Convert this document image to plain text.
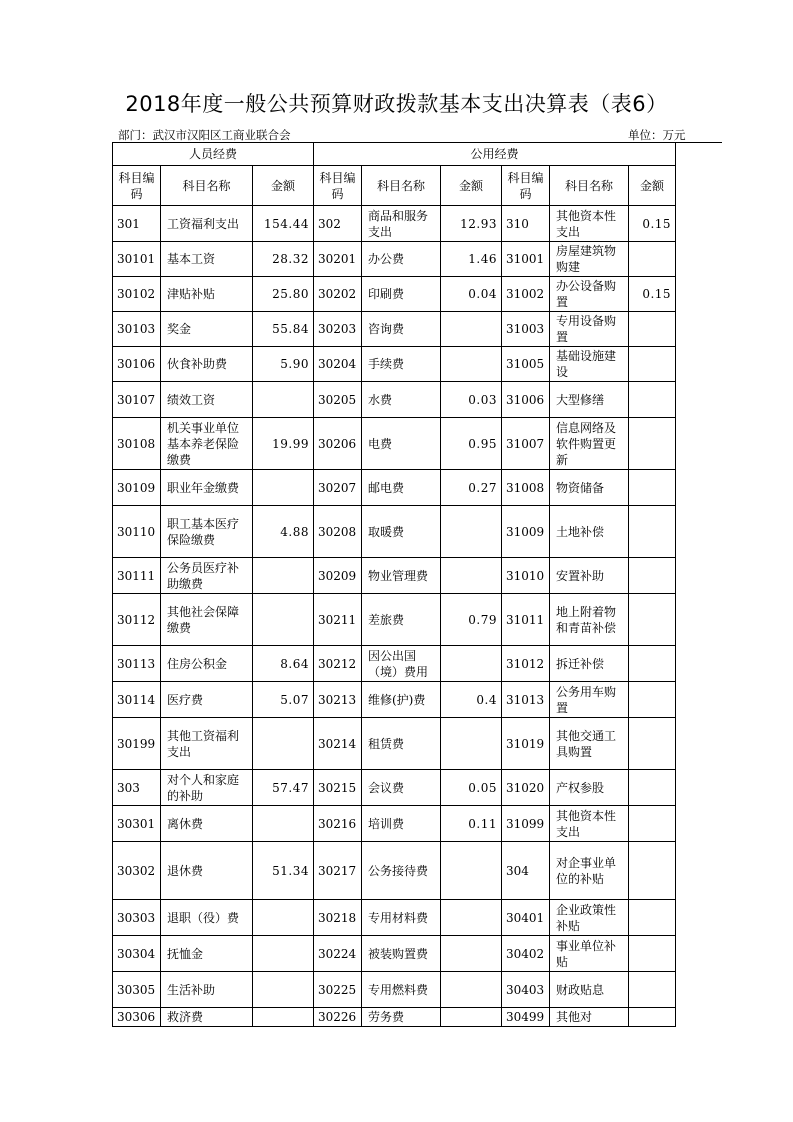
2018年度一般公共预算财政拨款基本支出决算表（表6）
部门：武汉市汉阳区工商业联合会	单位：万元
人员经费			公用经费					
科目编码	科目名称	金额	科目编码	科目名称	金额	科目编码	科目名称	金额
301	工资福利支出	154.44	302	商品和服务支出	12.93	310	其他资本性支出	0.15
30101	基本工资	28.32	30201	办公费	1.46	31001	房屋建筑物购建	
30102	津贴补贴	25.80	30202	印刷费	0.04	31002	办公设备购置	0.15
30103	奖金	55.84	30203	咨询费		31003	专用设备购置	
30106	伙食补助费	5.90	30204	手续费		31005	基础设施建设	
30107	绩效工资		30205	水费	0.03	31006	大型修缮	
30108	机关事业单位基本养老保险缴费	19.99	30206	电费	0.95	31007	信息网络及软件购置更新	
30109	职业年金缴费		30207	邮电费	0.27	31008	物资储备	
30110	职工基本医疗保险缴费	4.88	30208	取暖费		31009	土地补偿	
30111	公务员医疗补助缴费		30209	物业管理费		31010	安置补助	
30112	其他社会保障缴费		30211	差旅费	0.79	31011	地上附着物和青苗补偿	
30113	住房公积金	8.64	30212	因公出国（境）费用		31012	拆迁补偿	
30114	医疗费	5.07	30213	维修(护)费	0.4	31013	公务用车购置	
30199	其他工资福利支出		30214	租赁费		31019	其他交通工具购置	
303	对个人和家庭的补助	57.47	30215	会议费	0.05	31020	产权参股	
30301	离休费		30216	培训费	0.11	31099	其他资本性支出	
30302	退休费	51.34	30217	公务接待费		304	对企事业单位的补贴	
30303	退职（役）费		30218	专用材料费		30401	企业政策性补贴	
30304	抚恤金		30224	被装购置费		30402	事业单位补贴	
30305	生活补助		30225	专用燃料费		30403	财政贴息	
30306	救济费		30226	劳务费		30499	其他对	
